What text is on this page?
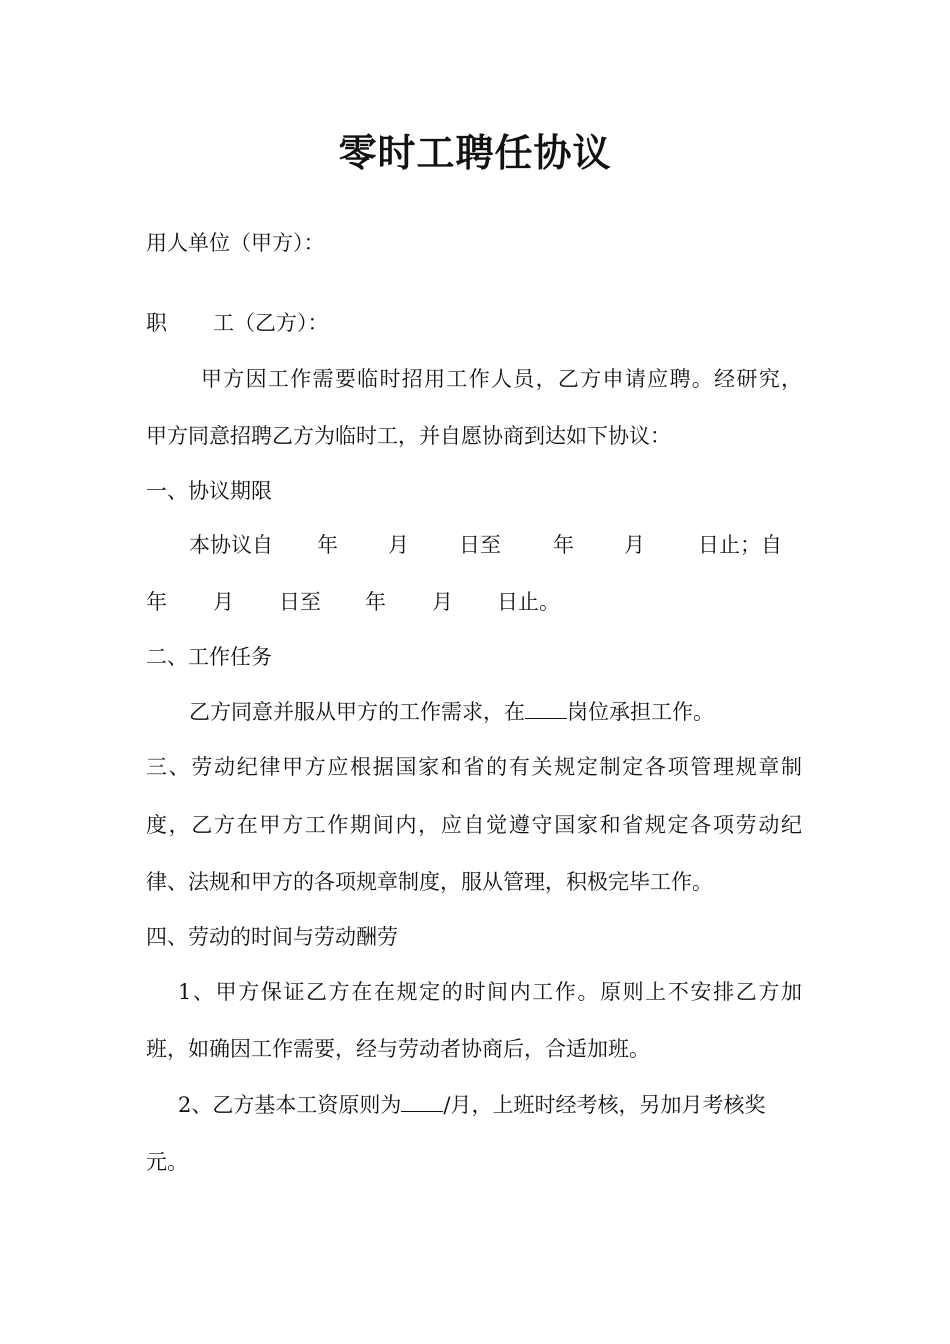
零时工聘任协议
用人单位（甲方）：
职 工（乙方）：
甲方因工作需要临时招用工作人员，乙方申请应聘。经研究，
甲方同意招聘乙方为临时工，并自愿协商到达如下协议：
一、协议期限
本协议自 年 月 日至 年 月	日止；自
年 月 日至 年 月 日止。
二、工作任务
乙方同意并服从甲方的工作需求，在 岗位承担工作。
三、劳动纪律甲方应根据国家和省的有关规定制定各项管理规章制
度，乙方在甲方工作期间内，应自觉遵守国家和省规定各项劳动纪
律、法规和甲方的各项规章制度，服从管理，积极完毕工作。
四、劳动的时间与劳动酬劳
1、甲方保证乙方在在规定的时间内工作。原则上不安排乙方加
班，如确因工作需要，经与劳动者协商后，合适加班。
2、乙方基本工资原则为 /月，上班时经考核，另加月考核奖
元。
